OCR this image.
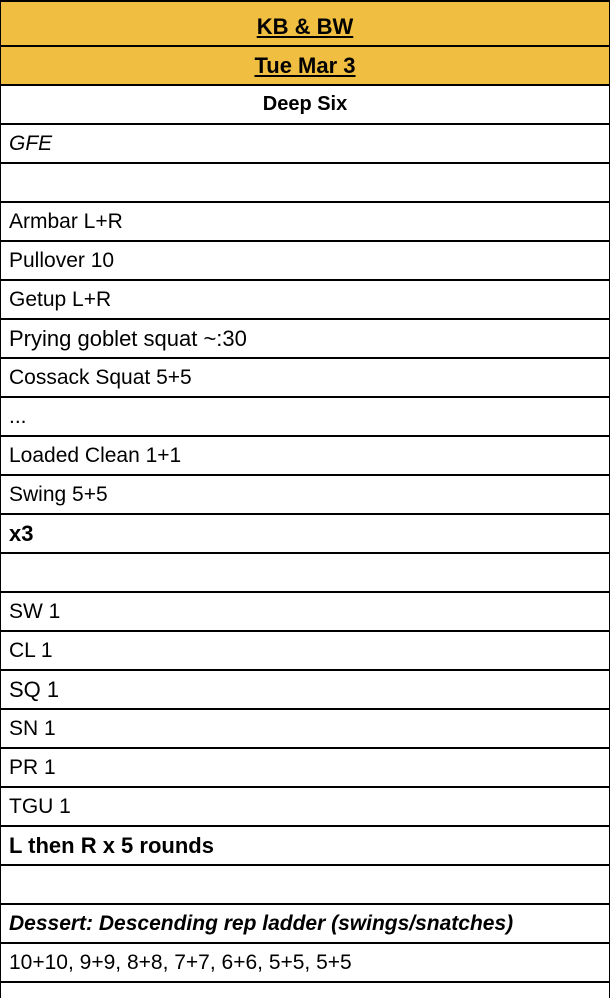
KB & BW
Tue Mar 3
Deep Six
GFE
Armbar L+R
Pullover 10
Getup L+R
Prying goblet squat ~:30
Cossack Squat 5+5
...
Loaded Clean 1+1
Swing 5+5
x3
SW 1
CL 1
SQ 1
SN 1
PR 1
TGU 1
L then R x 5 rounds
Dessert: Descending rep ladder (swings/snatches)
10+10, 9+9, 8+8, 7+7, 6+6, 5+5, 5+5
